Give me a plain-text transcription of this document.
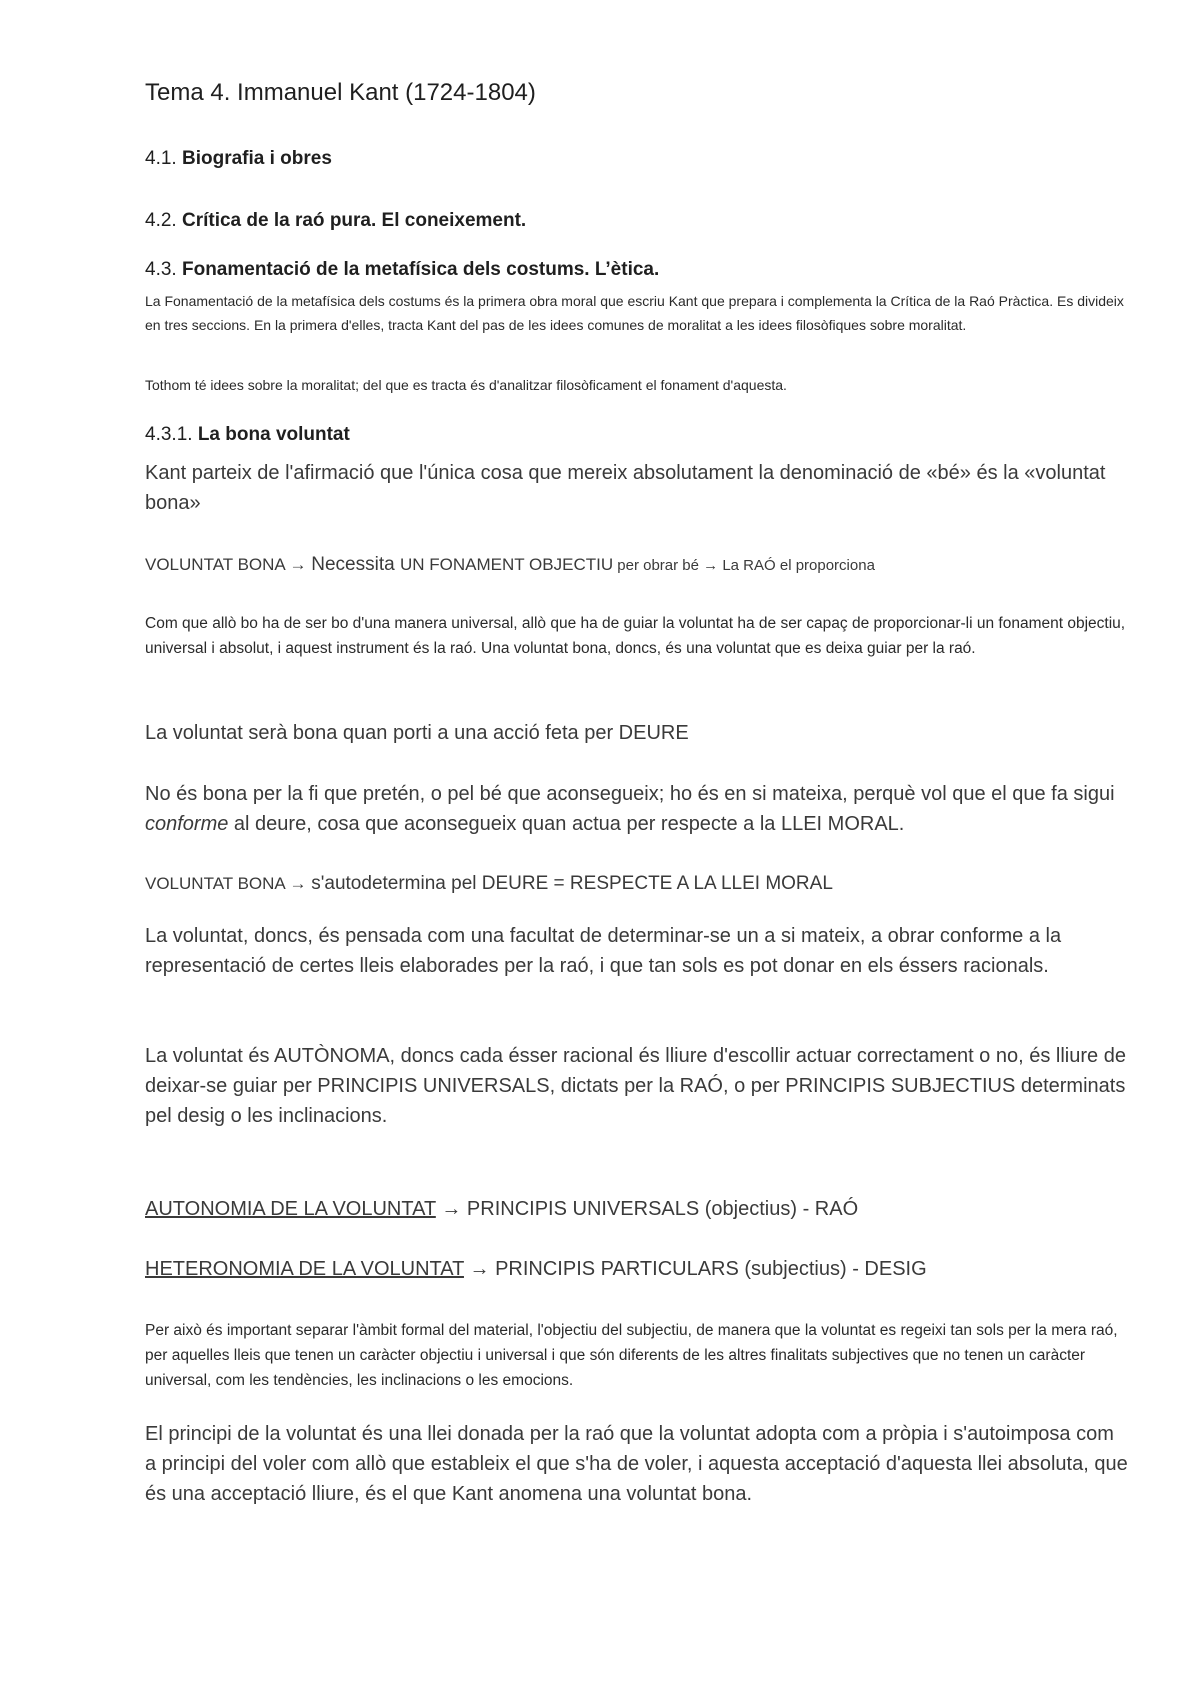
Tema 4. Immanuel Kant (1724-1804)
4.1. Biografia i obres
4.2. Crítica de la raó pura. El coneixement.
4.3. Fonamentació de la metafísica dels costums. L’ètica.
La Fonamentació de la metafísica dels costums és la primera obra moral que escriu Kant que prepara i complementa la Crítica de la Raó Pràctica. Es divideix en tres seccions. En la primera d'elles, tracta Kant del pas de les idees comunes de moralitat a les idees filosòfiques sobre moralitat.
Tothom té idees sobre la moralitat; del que es tracta és d'analitzar filosòficament el fonament d'aquesta.
4.3.1. La bona voluntat
Kant parteix de l'afirmació que l'única cosa que mereix absolutament la denominació de «bé» és la «voluntat bona»
VOLUNTAT BONA → Necessita UN FONAMENT OBJECTIU per obrar bé → La RAÓ el proporciona
Com que allò bo ha de ser bo d'una manera universal, allò que ha de guiar la voluntat ha de ser capaç de proporcionar-li un fonament objectiu, universal i absolut, i aquest instrument és la raó. Una voluntat bona, doncs, és una voluntat que es deixa guiar per la raó.
La voluntat serà bona quan porti a una acció feta per DEURE
No és bona per la fi que pretén, o pel bé que aconsegueix; ho és en si mateixa, perquè vol que el que fa sigui conforme al deure, cosa que aconsegueix quan actua per respecte a la LLEI MORAL.
VOLUNTAT BONA → s'autodetermina pel DEURE = RESPECTE A LA LLEI MORAL
La voluntat, doncs, és pensada com una facultat de determinar-se un a si mateix, a obrar conforme a la representació de certes lleis elaborades per la raó, i que tan sols es pot donar en els éssers racionals.
La voluntat és AUTÒNOMA, doncs cada ésser racional és lliure d'escollir actuar correctament o no, és lliure de deixar-se guiar per PRINCIPIS UNIVERSALS, dictats per la RAÓ, o per PRINCIPIS SUBJECTIUS determinats pel desig o les inclinacions.
AUTONOMIA DE LA VOLUNTAT → PRINCIPIS UNIVERSALS (objectius) - RAÓ
HETERONOMIA DE LA VOLUNTAT → PRINCIPIS PARTICULARS (subjectius) - DESIG
Per això és important separar l'àmbit formal del material, l'objectiu del subjectiu, de manera que la voluntat es regeixi tan sols per la mera raó, per aquelles lleis que tenen un caràcter objectiu i universal i que són diferents de les altres finalitats subjectives que no tenen un caràcter universal, com les tendències, les inclinacions o les emocions.
El principi de la voluntat és una llei donada per la raó que la voluntat adopta com a pròpia i s'autoimposa com a principi del voler com allò que estableix el que s'ha de voler, i aquesta acceptació d'aquesta llei absoluta, que és una acceptació lliure, és el que Kant anomena una voluntat bona.
